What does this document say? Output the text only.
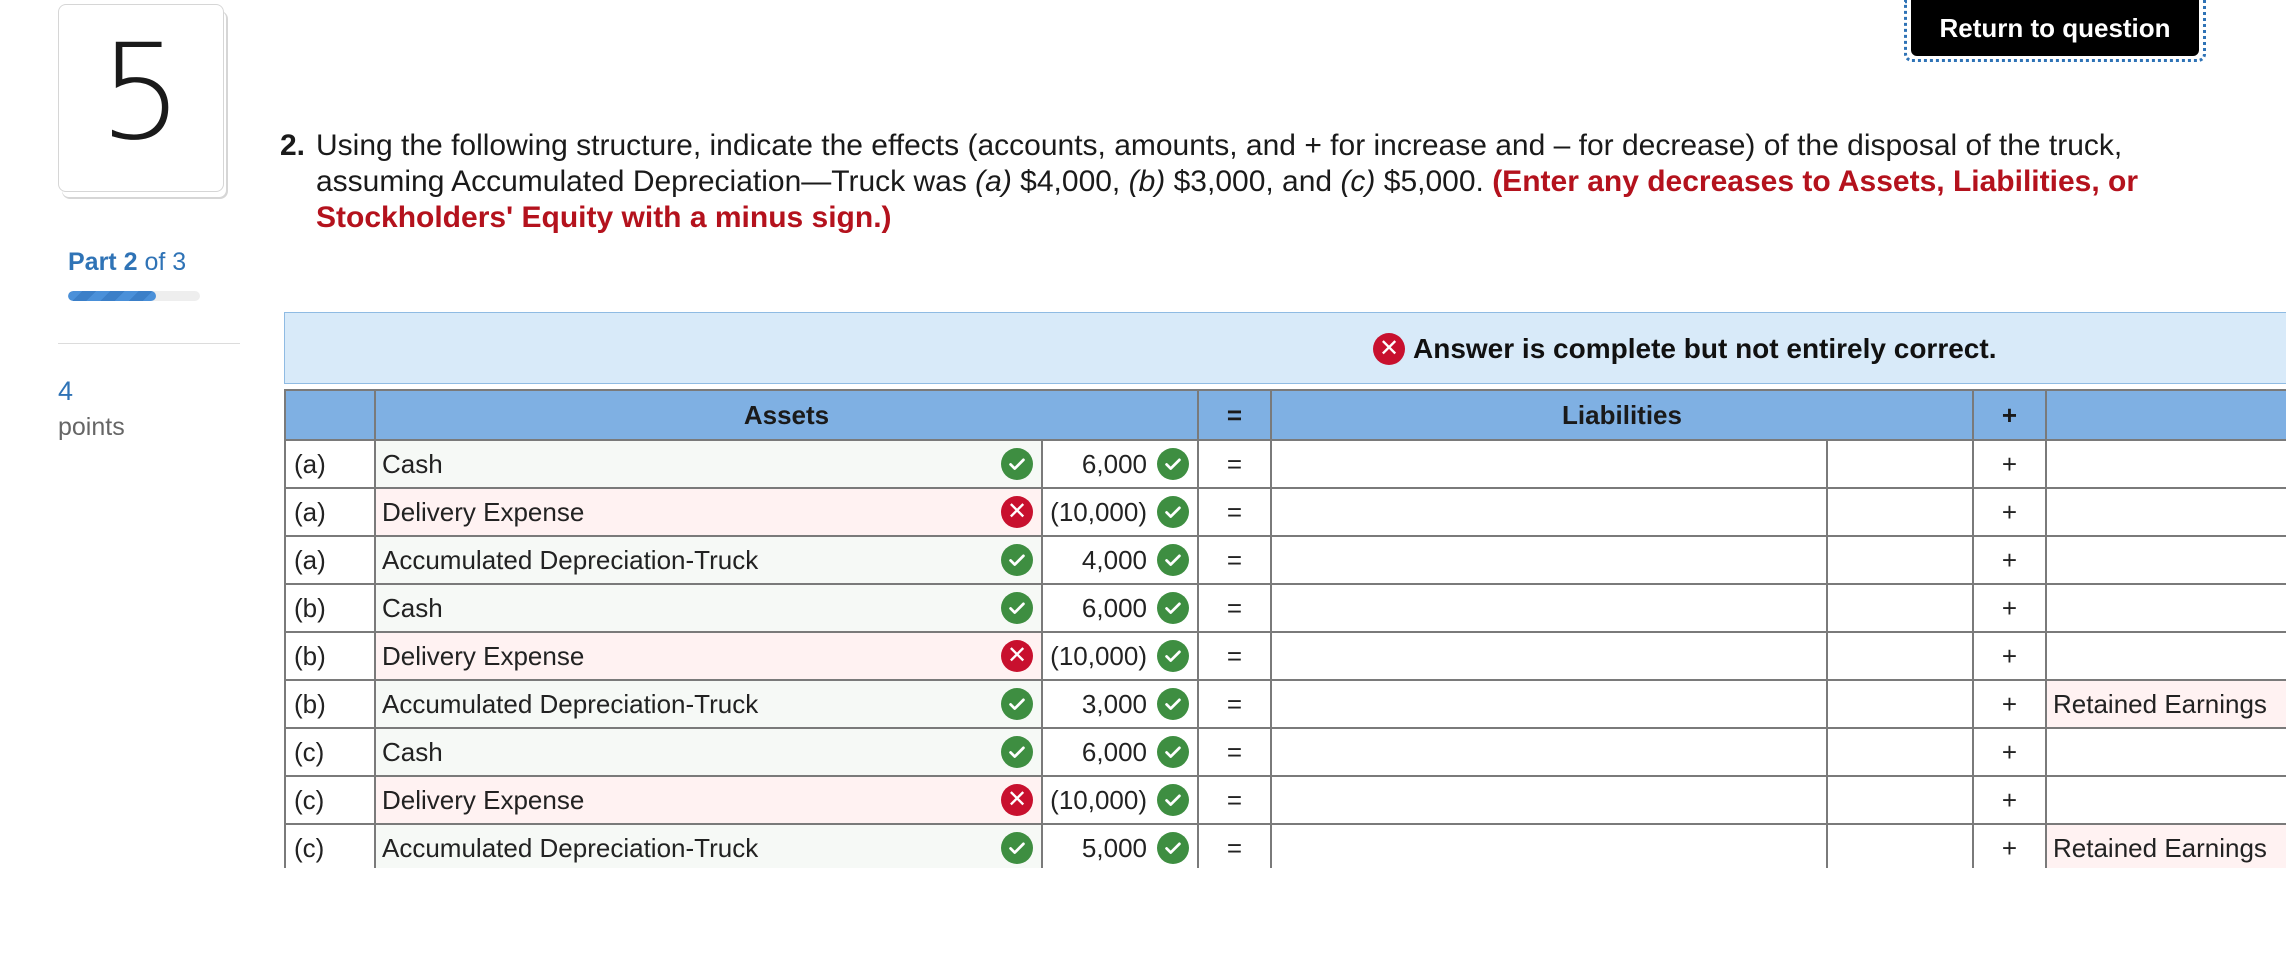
5
Part 2 of 3
4
points
Return to question
2. Using the following structure, indicate the effects (accounts, amounts, and + for increase and – for decrease) of the disposal of the truck, assuming Accumulated Depreciation—Truck was (a) $4,000, (b) $3,000, and (c) $5,000. (Enter any decreases to Assets, Liabilities, or Stockholders' Equity with a minus sign.)
✕ Answer is complete but not entirely correct.
	Assets		=	Liabilities		+	
(a)	Cash	6,000	=			+	
(a)	Delivery Expense ✕	(10,000)	=			+	
(a)	Accumulated Depreciation-Truck	4,000	=			+	
(b)	Cash	6,000	=			+	
(b)	Delivery Expense ✕	(10,000)	=			+	
(b)	Accumulated Depreciation-Truck	3,000	=			+	Retained Earnings
(c)	Cash	6,000	=			+	
(c)	Delivery Expense ✕	(10,000)	=			+	
(c)	Accumulated Depreciation-Truck	5,000	=			+	Retained Earnings
